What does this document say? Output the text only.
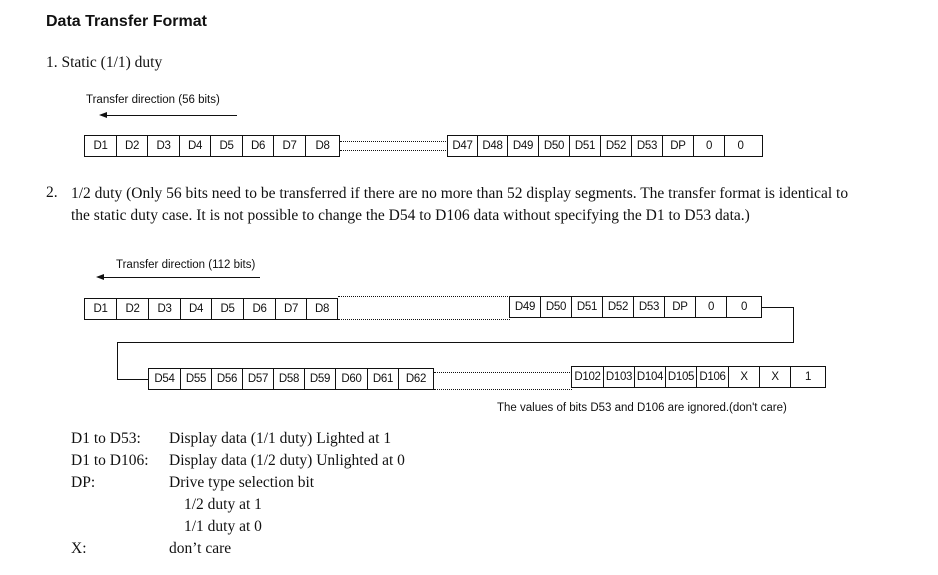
Data Transfer Format
1. Static (1/1) duty
Transfer direction (56 bits)
D1	D2	D3	D4	D5	D6	D7	D8	D47 D48 D49 D50 D51 D52 D53	DP	0	0
2. 1/2 duty (Only 56 bits need to be transferred if there are no more than 52 display segments. The transfer format is identical to the static duty case. It is not possible to change the D54 to D106 data without specifying the D1 to D53 data.)
Transfer direction (112 bits)
D1	D2	D3	D4	D5	D6	D7	D8	D49 D50 D51 D52 D53	DP	0	0
D54 D55 D56 D57 D58 D59 D60 D61	D62	D102 D103 D104 D105 D106	X	X	1
The values of bits D53 and D106 are ignored.(don't care)
D1 to D53: Display data (1/1 duty) Lighted at 1
D1 to D106: Display data (1/2 duty) Unlighted at 0
DP:	Drive type selection bit
1/2 duty at 1
1/1 duty at 0
X:	don’t care
